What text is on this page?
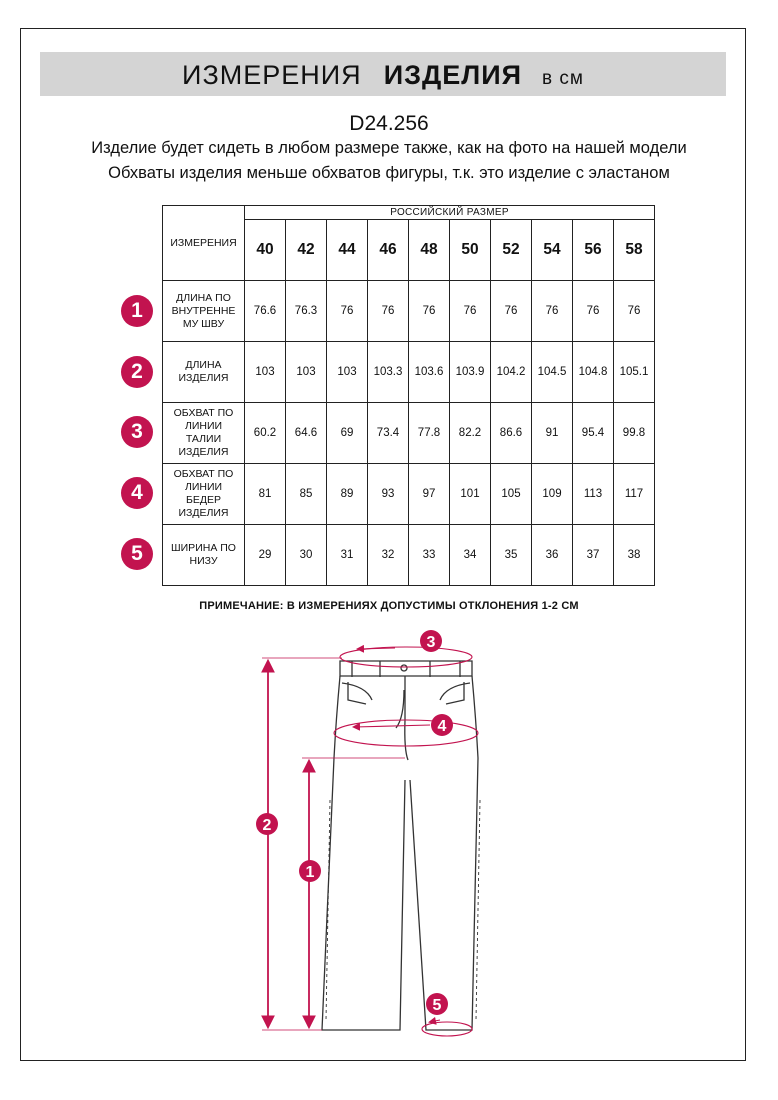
ИЗМЕРЕНИЯ ИЗДЕЛИЯ в см
D24.256
Изделие будет сидеть в любом размере также, как на фото на нашей модели
Обхваты изделия меньше обхватов фигуры, т.к. это изделие с эластаном
ИЗМЕРЕНИЯ	РОССИЙСКИЙ РАЗМЕР									
	40	42	44	46	48	50	52	54	56	58
ДЛИНА ПО
ВНУТРЕННЕ
МУ ШВУ	76.6	76.3	76	76	76	76	76	76	76	76
ДЛИНА
ИЗДЕЛИЯ	103	103	103	103.3	103.6	103.9	104.2	104.5	104.8	105.1
ОБХВАТ ПО
ЛИНИИ
ТАЛИИ
ИЗДЕЛИЯ	60.2	64.6	69	73.4	77.8	82.2	86.6	91	95.4	99.8
ОБХВАТ ПО
ЛИНИИ
БЕДЕР
ИЗДЕЛИЯ	81	85	89	93	97	101	105	109	113	117
ШИРИНА ПО
НИЗУ	29	30	31	32	33	34	35	36	37	38
1
2
3
4
5
ПРИМЕЧАНИЕ: В ИЗМЕРЕНИЯХ ДОПУСТИМЫ ОТКЛОНЕНИЯ 1-2 СМ
1
2
3
4
5
